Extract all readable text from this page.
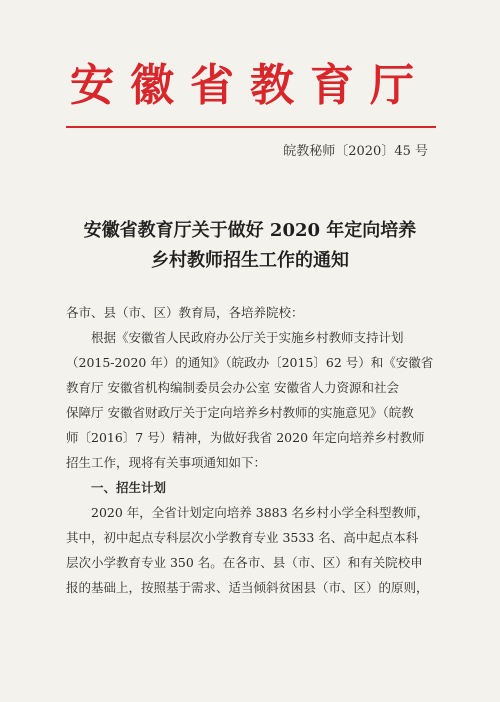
安徽省教育厅
皖教秘师〔2020〕45 号
安徽省教育厅关于做好 2020 年定向培养
乡村教师招生工作的通知

各市、县（市、区）教育局，各培养院校：

根据《安徽省人民政府办公厅关于实施乡村教师支持计划

（2015-2020 年）的通知》（皖政办〔2015〕62 号）和《安徽省

教育厅 安徽省机构编制委员会办公室 安徽省人力资源和社会

保障厅 安徽省财政厅关于定向培养乡村教师的实施意见》（皖教

师〔2016〕7 号）精神，为做好我省 2020 年定向培养乡村教师

招生工作，现将有关事项通知如下：

一、招生计划

2020 年，全省计划定向培养 3883 名乡村小学全科型教师，

其中，初中起点专科层次小学教育专业 3533 名、高中起点本科

层次小学教育专业 350 名。在各市、县（市、区）和有关院校申

报的基础上，按照基于需求、适当倾斜贫困县（市、区）的原则，
